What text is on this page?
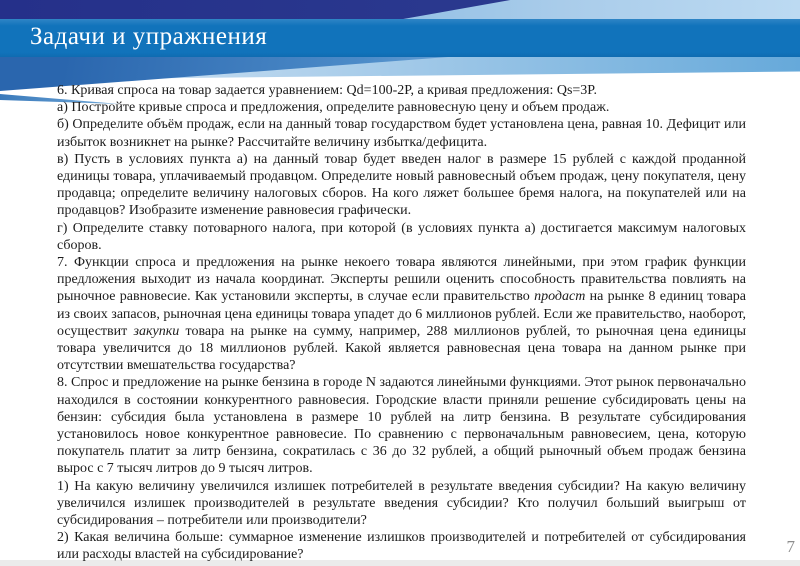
Задачи и упражнения

6. Кривая спроса на товар задается уравнением: Qd=100-2P, а кривая предложения: Qs=3P.

а) Постройте кривые спроса и предложения, определите равновесную цену и объем продаж.

б) Определите объём продаж, если на данный товар государством будет установлена цена, равная 10. Дефицит или избыток возникнет на рынке? Рассчитайте величину избытка/дефицита.

в) Пусть в условиях пункта а) на данный товар будет введен налог в размере 15 рублей с каждой проданной единицы товара, уплачиваемый продавцом. Определите новый равновесный объем продаж, цену покупателя, цену продавца; определите величину налоговых сборов. На кого ляжет большее бремя налога, на покупателей или на продавцов? Изобразите изменение равновесия графически.

г) Определите ставку потоварного налога, при которой (в условиях пункта а) достигается максимум налоговых сборов.

7. Функции спроса и предложения на рынке некоего товара являются линейными, при этом график функции предложения выходит из начала координат. Эксперты решили оценить способность правительства повлиять на рыночное равновесие. Как установили эксперты, в случае если правительство продаст на рынке 8 единиц товара из своих запасов, рыночная цена единицы товара упадет до 6 миллионов рублей. Если же правительство, наоборот, осуществит закупки товара на рынке на сумму, например, 288 миллионов рублей, то рыночная цена единицы товара увеличится до 18 миллионов рублей. Какой является равновесная цена товара на данном рынке при отсутствии вмешательства государства?

8. Спрос и предложение на рынке бензина в городе N задаются линейными функциями. Этот рынок первоначально находился в состоянии конкурентного равновесия. Городские власти приняли решение субсидировать цены на бензин: субсидия была установлена в размере 10 рублей на литр бензина. В результате субсидирования установилось новое конкурентное равновесие. По сравнению с первоначальным равновесием, цена, которую покупатель платит за литр бензина, сократилась с 36 до 32 рублей, а общий рыночный объем продаж бензина вырос с 7 тысяч литров до 9 тысяч литров.

1) На какую величину увеличился излишек потребителей в результате введения субсидии? На какую величину увеличился излишек производителей в результате введения субсидии? Кто получил больший выигрыш от субсидирования – потребители или производители?

2) Какая величина больше: суммарное изменение излишков производителей и потребителей от субсидирования или расходы властей на субсидирование?	7
